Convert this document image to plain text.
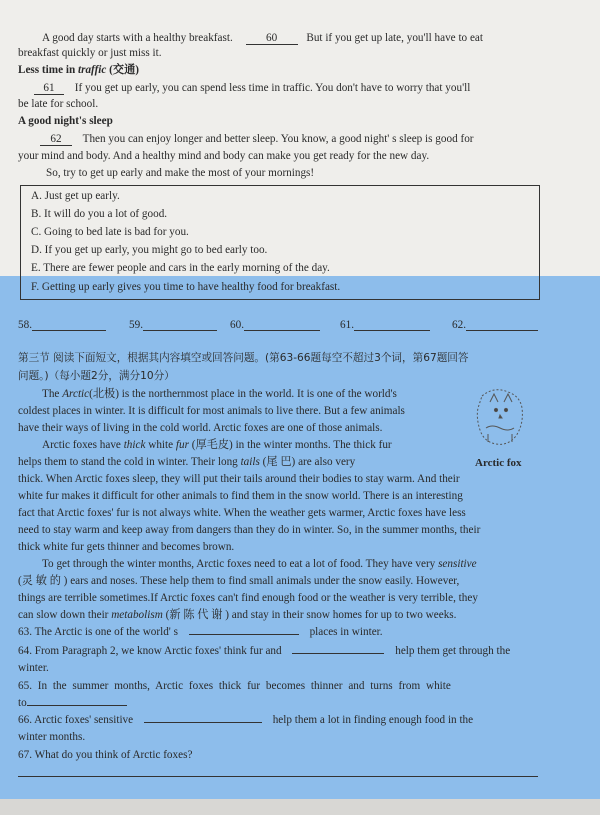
A good day starts with a healthy breakfast.	60	But if you get up late, you'll have to eat
breakfast quickly or just miss it.
Less time in traffic (交通)
61 If you get up early, you can spend less time in traffic. You don't have to worry that you'll
be late for school.
A good night's sleep
62 Then you can enjoy longer and better sleep. You know, a good night' s sleep is good for
your mind and body. And a healthy mind and body can make you get ready for the new day.
So, try to get up early and make the most of your mornings!
A. Just get up early.
B. It will do you a lot of good.
C. Going to bed late is bad for you.
D. If you get up early, you might go to bed early too.
E. There are fewer people and cars in the early morning of the day.
F. Getting up early gives you time to have healthy food for breakfast.
58.	59.	60.	61.	62.
第三节 阅读下面短文，根据其内容填空或回答问题。(第63-66题每空不超过3个词，第67题回答
问题。)（每小题2分，满分10分）
The Arctic(北极) is the northernmost place in the world. It is one of the world's
coldest places in winter. It is difficult for most animals to live there. But a few animals
have their ways of living in the cold world. Arctic foxes are one of those animals.
Arctic foxes have thick white fur (厚毛皮) in the winter months. The thick fur
helps them to stand the cold in winter. Their long tails (尾 巴) are also very
thick. When Arctic foxes sleep, they will put their tails around their bodies to stay warm. And their
white fur makes it difficult for other animals to find them in the snow world. There is an interesting
fact that Arctic foxes' fur is not always white. When the weather gets warmer, Arctic foxes have less
need to stay warm and keep away from dangers than they do in winter. So, in the summer months, their
thick white fur gets thinner and becomes brown.
To get through the winter months, Arctic foxes need to eat a lot of food. They have very sensitive
(灵 敏 的 ) ears and noses. These help them to find small animals under the snow easily. However,
things are terrible sometimes.If Arctic foxes can't find enough food or the weather is very terrible, they
can slow down their metabolism (新 陈 代 谢 ) and stay in their snow homes for up to two weeks.
Arctic fox
63. The Arctic is one of the world' s	places in winter.
64. From Paragraph 2, we know Arctic foxes' think fur and	help them get through the
winter.
65. In the summer months, Arctic foxes thick fur becomes thinner and turns from white
to
66. Arctic foxes' sensitive	help them a lot in finding enough food in the
winter months.
67. What do you think of Arctic foxes?
